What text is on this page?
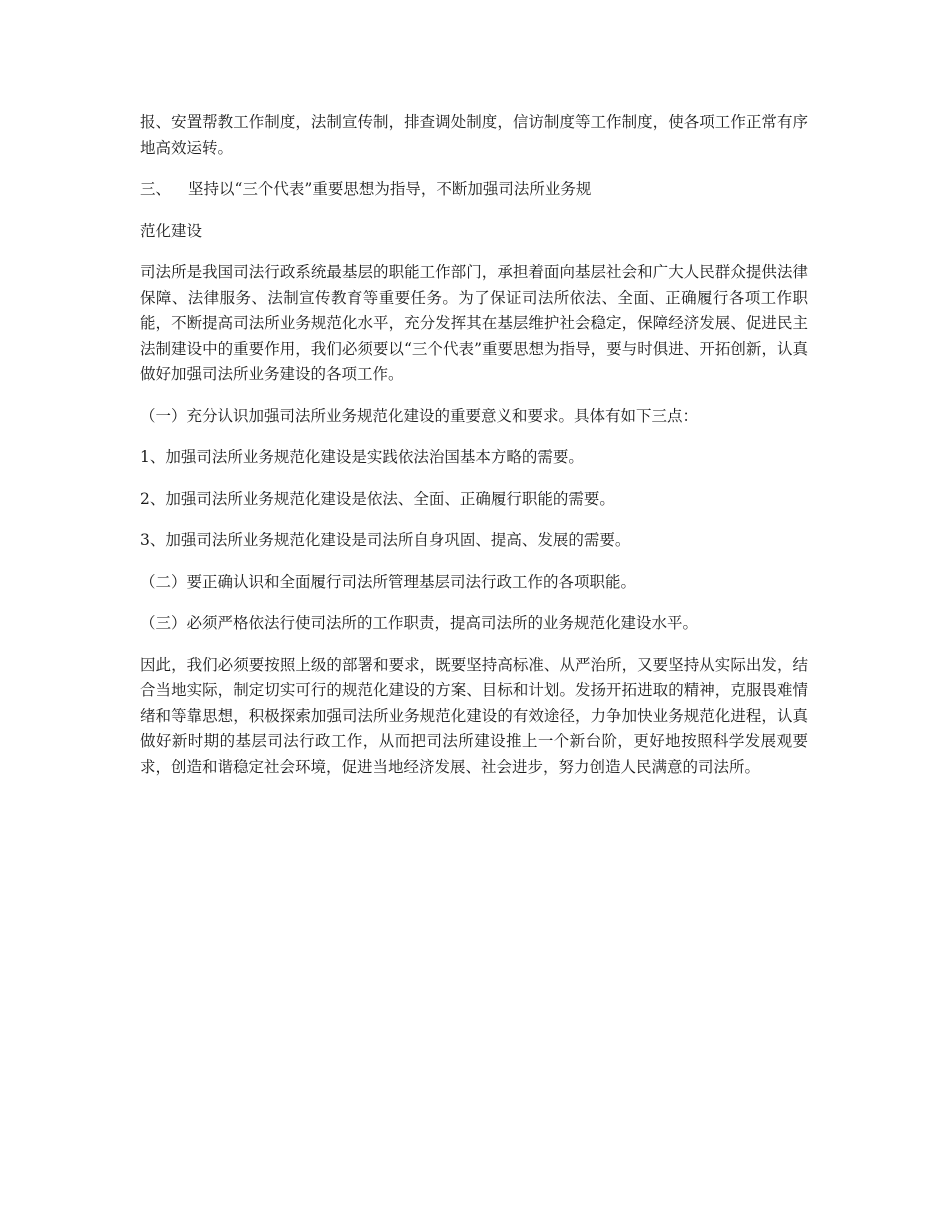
报、安置帮教工作制度，法制宣传制，排查调处制度，信访制度等工作制度，使各项工作正常有序地高效运转。

三、 坚持以“三个代表”重要思想为指导，不断加强司法所业务规

范化建设

司法所是我国司法行政系统最基层的职能工作部门，承担着面向基层社会和广大人民群众提供法律保障、法律服务、法制宣传教育等重要任务。为了保证司法所依法、全面、正确履行各项工作职能，不断提高司法所业务规范化水平，充分发挥其在基层维护社会稳定，保障经济发展、促进民主法制建设中的重要作用，我们必须要以“三个代表”重要思想为指导，要与时俱进、开拓创新，认真做好加强司法所业务建设的各项工作。

（一）充分认识加强司法所业务规范化建设的重要意义和要求。具体有如下三点：

1、加强司法所业务规范化建设是实践依法治国基本方略的需要。

2、加强司法所业务规范化建设是依法、全面、正确履行职能的需要。

3、加强司法所业务规范化建设是司法所自身巩固、提高、发展的需要。

（二）要正确认识和全面履行司法所管理基层司法行政工作的各项职能。

（三）必须严格依法行使司法所的工作职责，提高司法所的业务规范化建设水平。

因此，我们必须要按照上级的部署和要求，既要坚持高标准、从严治所，又要坚持从实际出发，结合当地实际，制定切实可行的规范化建设的方案、目标和计划。发扬开拓进取的精神，克服畏难情绪和等靠思想，积极探索加强司法所业务规范化建设的有效途径，力争加快业务规范化进程，认真做好新时期的基层司法行政工作，从而把司法所建设推上一个新台阶，更好地按照科学发展观要求，创造和谐稳定社会环境，促进当地经济发展、社会进步，努力创造人民满意的司法所。
